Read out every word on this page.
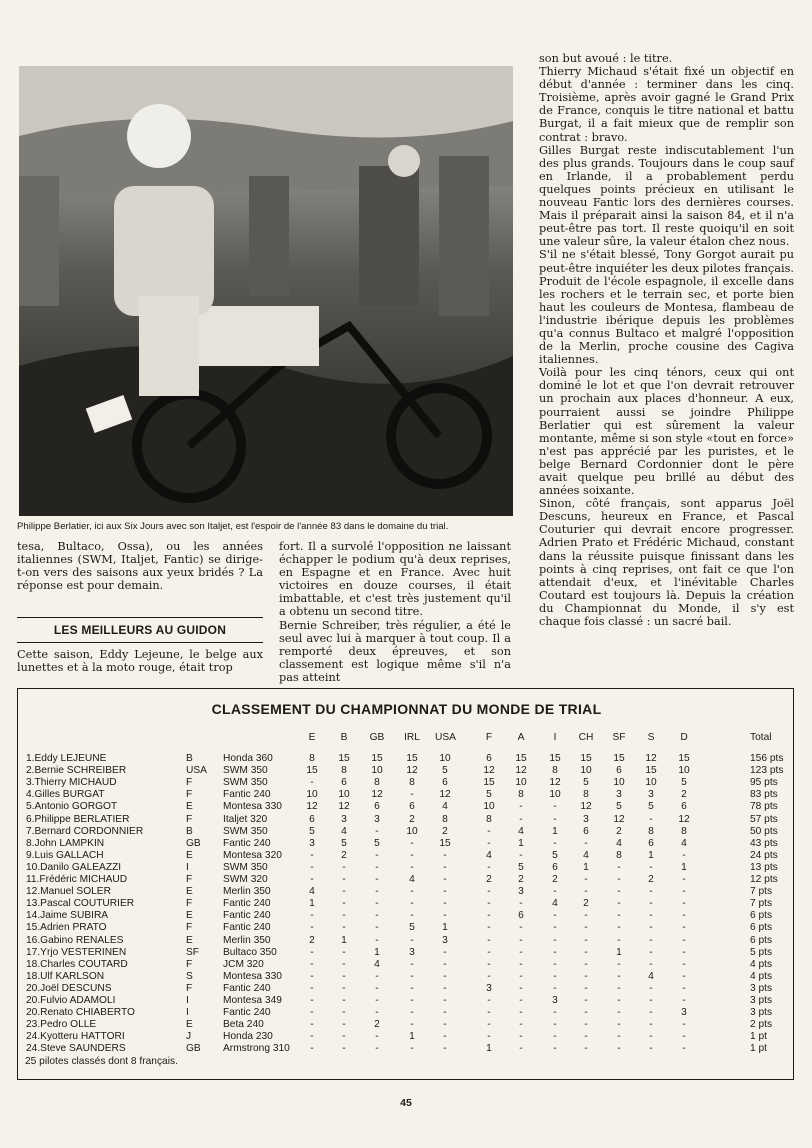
Philippe Berlatier, ici aux Six Jours avec son Italjet, est l'espoir de l'année 83 dans le domaine du trial.

tesa, Bultaco, Ossa), ou les années italiennes (SWM, Italjet, Fantic) se dirige-t-on vers des saisons aux yeux bridés ? La réponse est pour demain.

LES MEILLEURS AU GUIDON

Cette saison, Eddy Lejeune, le belge aux lunettes et à la moto rouge, était trop

fort. Il a survolé l'opposition ne laissant échapper le podium qu'à deux reprises, en Espagne et en France. Avec huit victoires en douze courses, il était imbattable, et c'est très justement qu'il a obtenu un second titre.

Bernie Schreiber, très régulier, a été le seul avec lui à marquer à tout coup. Il a remporté deux épreuves, et son classement est logique même s'il n'a pas atteint

son but avoué : le titre.

Thierry Michaud s'était fixé un objectif en début d'année : terminer dans les cinq. Troisième, après avoir gagné le Grand Prix de France, conquis le titre national et battu Burgat, il a fait mieux que de remplir son contrat : bravo.

Gilles Burgat reste indiscutablement l'un des plus grands. Toujours dans le coup sauf en Irlande, il a probablement perdu quelques points précieux en utilisant le nouveau Fantic lors des dernières courses. Mais il préparait ainsi la saison 84, et il n'a peut-être pas tort. Il reste quoiqu'il en soit une valeur sûre, la valeur étalon chez nous.

S'il ne s'était blessé, Tony Gorgot aurait pu peut-être inquiéter les deux pilotes français. Produit de l'école espagnole, il excelle dans les rochers et le terrain sec, et porte bien haut les couleurs de Montesa, flambeau de l'industrie ibérique depuis les problèmes qu'a connus Bultaco et malgré l'opposition de la Merlin, proche cousine des Cagiva italiennes.

Voilà pour les cinq ténors, ceux qui ont dominé le lot et que l'on devrait retrouver un prochain aux places d'honneur. A eux, pourraient aussi se joindre Philippe Berlatier qui est sûrement la valeur montante, même si son style «tout en force» n'est pas apprécié par les puristes, et le belge Bernard Cordonnier dont le père avait quelque peu brillé au début des années soixante.

Sinon, côté français, sont apparus Joël Descuns, heureux en France, et Pascal Couturier qui devrait encore progresser. Adrien Prato et Frédéric Michaud, constant dans la réussite puisque finissant dans les points à cinq reprises, ont fait ce que l'on attendait d'eux, et l'inévitable Charles Coutard est toujours là. Depuis la création du Championnat du Monde, il s'y est chaque fois classé : un sacré bail.

CLASSEMENT DU CHAMPIONNAT DU MONDE DE TRIAL
E	B	GB IRL USA	F	A	I	CH	SF	S	D	Total
1.Eddy LEJEUNE	B	Honda 360	8	15	15	15	10	6	15	15	15	15	12	15	156 pts
2.Bernie SCHREIBER	USA SWM 350	15	8	10	12	5	12	12	8	10	6	15	10	123 pts
3.Thierry MICHAUD	F	SWM 350	-	6	8	8	6	15	10	12	5	10	10	5	95 pts
4.Gilles BURGAT	F	Fantic 240	10	10	12	-	12	5	8	10	8	3	3	2	83 pts
5.Antonio GORGOT	E	Montesa 330	12	12	6	6	4	10	-	-	12	5	5	6	78 pts
6.Philippe BERLATIER	F	Italjet 320	6	3	3	2	8	8	-	-	3	12	-	12	57 pts
7.Bernard CORDONNIER	B	SWM 350	5	4	-	10	2	-	4	1	6	2	8	8	50 pts
8.John LAMPKIN	GB Fantic 240	3	5	5	-	15	-	1	-	-	4	6	4	43 pts
9.Luis GALLACH	E	Montesa 320	-	2	-	-	-	4	-	5	4	8	1	-	24 pts
10.Danilo GALEAZZI	I	SWM 350	-	-	-	-	-	-	5	6	1	-	-	1	13 pts
11.Frédéric MICHAUD	F	SWM 320	-	-	-	4	-	2	2	2	-	-	2	-	12 pts
12.Manuel SOLER	E	Merlin 350	4	-	-	-	-	-	3	-	-	-	-	-	7 pts
13.Pascal COUTURIER	F	Fantic 240	1	-	-	-	-	-	-	4	2	-	-	-	7 pts
14.Jaime SUBIRA	E	Fantic 240	-	-	-	-	-	-	6	-	-	-	-	-	6 pts
15.Adrien PRATO	F	Fantic 240	-	-	-	5	1	-	-	-	-	-	-	-	6 pts
16.Gabino RENALES	E	Merlin 350	2	1	-	-	3	-	-	-	-	-	-	-	6 pts
17.Yrjo VESTERINEN	SF Bultaco 350	-	-	1	3	-	-	-	-	-	1	-	-	5 pts
18.Charles COUTARD	F	JCM 320	-	-	4	-	-	-	-	-	-	-	-	-	4 pts
18.Ulf KARLSON	S	Montesa 330	-	-	-	-	-	-	-	-	-	-	4	-	4 pts
20.Joël DESCUNS	F	Fantic 240	-	-	-	-	-	3	-	-	-	-	-	-	3 pts
20.Fulvio ADAMOLI	I	Montesa 349	-	-	-	-	-	-	-	3	-	-	-	-	3 pts
20.Renato CHIABERTO	I	Fantic 240	-	-	-	-	-	-	-	-	-	-	-	3	3 pts
23.Pedro OLLE	E	Beta 240	-	-	2	-	-	-	-	-	-	-	-	-	2 pts
24.Kyotteru HATTORI	J	Honda 230	-	-	-	1	-	-	-	-	-	-	-	-	1 pt
24.Steve SAUNDERS	GB Armstrong 310	-	-	-	-	-	1	-	-	-	-	-	-	1 pt
25 pilotes classés dont 8 français.
45
